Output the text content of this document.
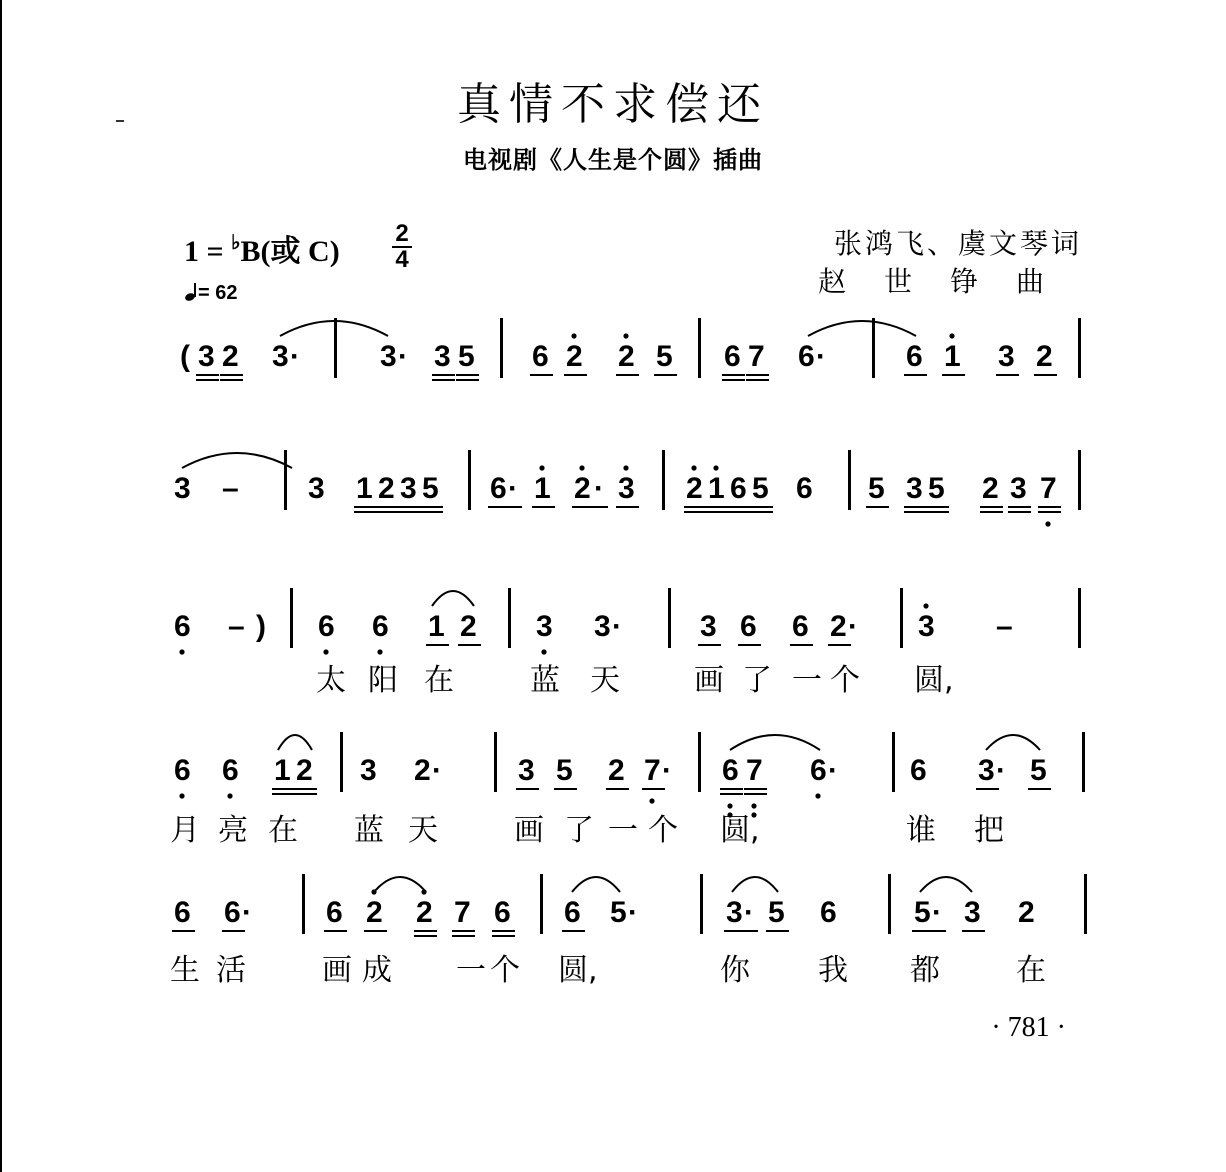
真情不求偿还
电视剧《人生是个圆》插曲
1 = ♭B(或 C)
2
4
= 62
张鸿飞、虞文琴词
赵世铮曲
( 3 2 3 ·	3 · 3 5 6 2 2 5 6 7 6 ·	6 1 3 2
3 – 3 1 2 3 5 6 · 1 2 · 3 2 1 6 5 6 5 3 5 2 3 7
6 – ) 6 6 1 2 3 3 ·	3 6 6 2 · 3 –
太 阳 在	蓝 天 画 了 一 个 圆,
6 6 1 2 3 2 ·	3 5 2 7 · 6 7 6 · 6 3 · 5
月 亮 在 蓝 天	画 了 一 个 圆,	谁 把
6 6 · 6 2 2 7 6 6 5 ·	3 · 5 6	5 · 3 2
生 活	画 成 一 个 圆,	你 我 都	在
· 781 ·
